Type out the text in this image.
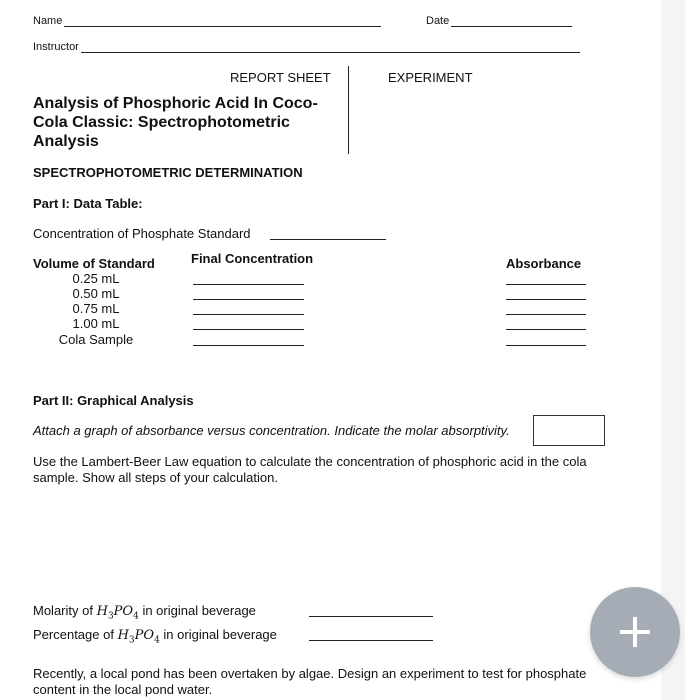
Name	Date
Instructor
REPORT SHEET	EXPERIMENT
Analysis of Phosphoric Acid In Coco-Cola Classic: Spectrophotometric Analysis
SPECTROPHOTOMETRIC DETERMINATION
Part I: Data Table:
Concentration of Phosphate Standard
Volume of Standard	Final Concentration	Absorbance
0.25 mL
0.50 mL
0.75 mL
1.00 mL
Cola Sample
Part II: Graphical Analysis
Attach a graph of absorbance versus concentration. Indicate the molar absorptivity.
Use the Lambert-Beer Law equation to calculate the concentration of phosphoric acid in the cola sample. Show all steps of your calculation.
Molarity of $H_3PO_4$ in original beverage
Percentage of $H_3PO_4$ in original beverage
Recently, a local pond has been overtaken by algae. Design an experiment to test for phosphate content in the local pond water.
